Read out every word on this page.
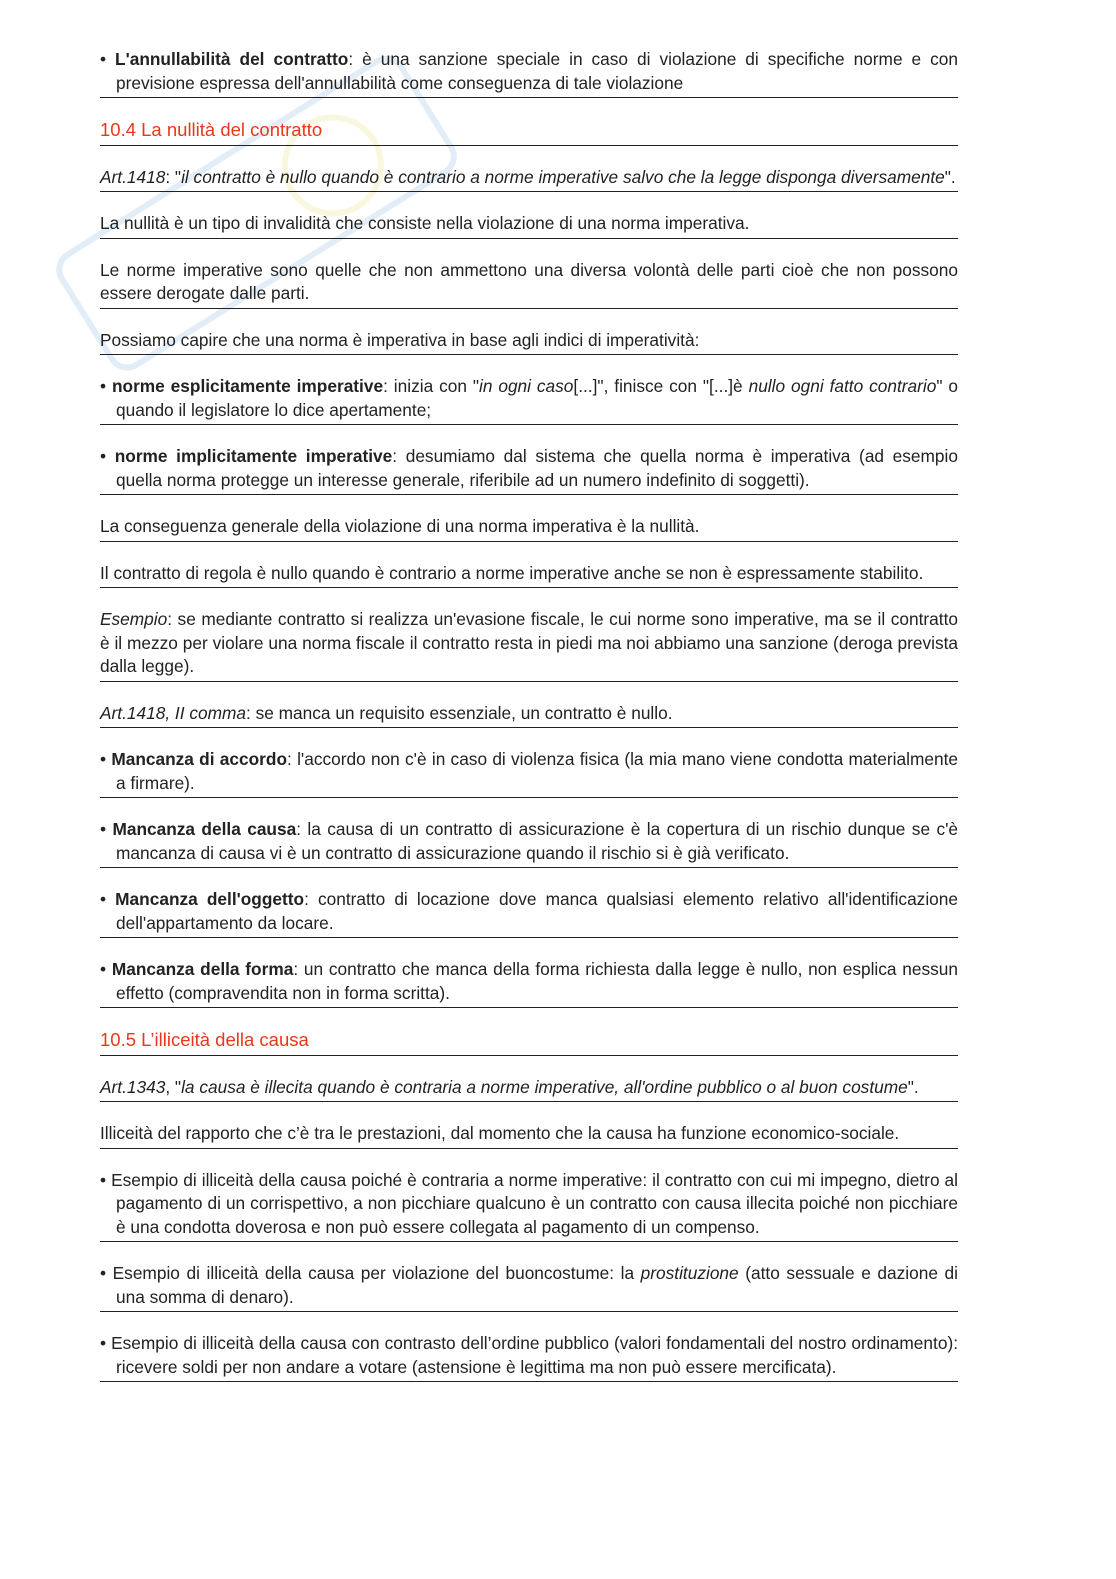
• L'annullabilità del contratto: è una sanzione speciale in caso di violazione di specifiche norme e con previsione espressa dell'annullabilità come conseguenza di tale violazione
10.4 La nullità del contratto
Art.1418: "il contratto è nullo quando è contrario a norme imperative salvo che la legge disponga diversamente".
La nullità è un tipo di invalidità che consiste nella violazione di una norma imperativa.
Le norme imperative sono quelle che non ammettono una diversa volontà delle parti cioè che non possono essere derogate dalle parti.
Possiamo capire che una norma è imperativa in base agli indici di imperatività:
• norme esplicitamente imperative: inizia con "in ogni caso[...]", finisce con "[...]è nullo ogni fatto contrario" o quando il legislatore lo dice apertamente;
• norme implicitamente imperative: desumiamo dal sistema che quella norma è imperativa (ad esempio quella norma protegge un interesse generale, riferibile ad un numero indefinito di soggetti).
La conseguenza generale della violazione di una norma imperativa è la nullità.
Il contratto di regola è nullo quando è contrario a norme imperative anche se non è espressamente stabilito.
Esempio: se mediante contratto si realizza un'evasione fiscale, le cui norme sono imperative, ma se il contratto è il mezzo per violare una norma fiscale il contratto resta in piedi ma noi abbiamo una sanzione (deroga prevista dalla legge).
Art.1418, II comma: se manca un requisito essenziale, un contratto è nullo.
• Mancanza di accordo: l'accordo non c'è in caso di violenza fisica (la mia mano viene condotta materialmente a firmare).
• Mancanza della causa: la causa di un contratto di assicurazione è la copertura di un rischio dunque se c'è mancanza di causa vi è un contratto di assicurazione quando il rischio si è già verificato.
• Mancanza dell'oggetto: contratto di locazione dove manca qualsiasi elemento relativo all'identificazione dell'appartamento da locare.
• Mancanza della forma: un contratto che manca della forma richiesta dalla legge è nullo, non esplica nessun effetto (compravendita non in forma scritta).
10.5 L’illiceità della causa
Art.1343, "la causa è illecita quando è contraria a norme imperative, all'ordine pubblico o al buon costume".
Illiceità del rapporto che c’è tra le prestazioni, dal momento che la causa ha funzione economico-sociale.
• Esempio di illiceità della causa poiché è contraria a norme imperative: il contratto con cui mi impegno, dietro al pagamento di un corrispettivo, a non picchiare qualcuno è un contratto con causa illecita poiché non picchiare è una condotta doverosa e non può essere collegata al pagamento di un compenso.
• Esempio di illiceità della causa per violazione del buoncostume: la prostituzione (atto sessuale e dazione di una somma di denaro).
• Esempio di illiceità della causa con contrasto dell’ordine pubblico (valori fondamentali del nostro ordinamento): ricevere soldi per non andare a votare (astensione è legittima ma non può essere mercificata).
